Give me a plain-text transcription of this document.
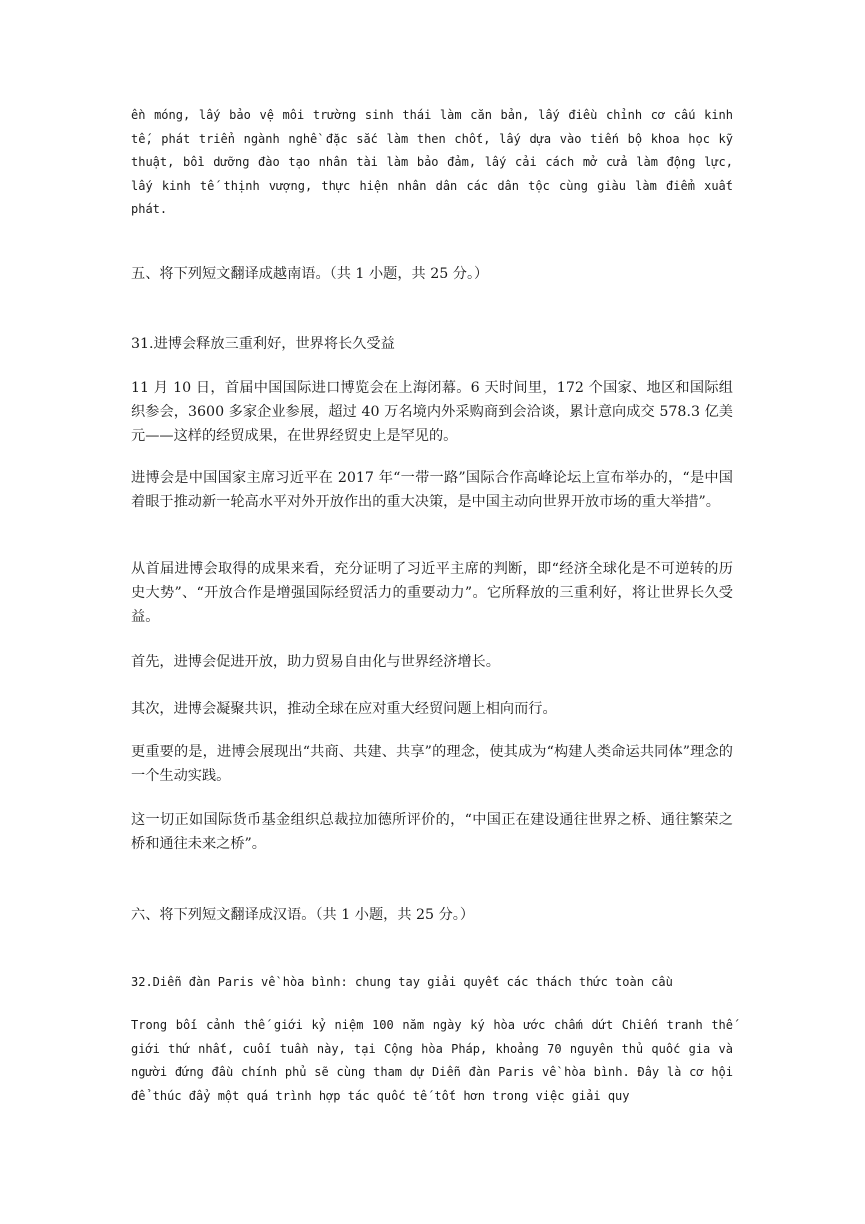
ền móng, lấy bảo vệ môi trường sinh thái làm căn bản, lấy điều chỉnh cơ cấu kinh tế, phát triển ngành nghề đặc sắc làm then chốt, lấy dựa vào tiến bộ khoa học kỹ thuật, bồi dưỡng đào tạo nhân tài làm bảo đảm, lấy cải cách mở cửa làm động lực, lấy kinh tế thịnh vượng, thực hiện nhân dân các dân tộc cùng giàu làm điểm xuất phát.

五、将下列短文翻译成越南语。（共 1 小题，共 25 分。）

31.进博会释放三重利好，世界将长久受益

11 月 10 日，首届中国国际进口博览会在上海闭幕。6 天时间里，172 个国家、地区和国际组织参会，3600 多家企业参展，超过 40 万名境内外采购商到会洽谈，累计意向成交 578.3 亿美元——这样的经贸成果，在世界经贸史上是罕见的。

进博会是中国国家主席习近平在 2017 年“一带一路”国际合作高峰论坛上宣布举办的，“是中国着眼于推动新一轮高水平对外开放作出的重大决策，是中国主动向世界开放市场的重大举措”。

从首届进博会取得的成果来看，充分证明了习近平主席的判断，即“经济全球化是不可逆转的历史大势”、“开放合作是增强国际经贸活力的重要动力”。它所释放的三重利好，将让世界长久受益。

首先，进博会促进开放，助力贸易自由化与世界经济增长。

其次，进博会凝聚共识，推动全球在应对重大经贸问题上相向而行。

更重要的是，进博会展现出“共商、共建、共享”的理念，使其成为“构建人类命运共同体”理念的一个生动实践。

这一切正如国际货币基金组织总裁拉加德所评价的，“中国正在建设通往世界之桥、通往繁荣之桥和通往未来之桥”。

六、将下列短文翻译成汉语。（共 1 小题，共 25 分。）

32.Diễn đàn Paris về hòa bình: chung tay giải quyết các thách thức toàn cầu

Trong bối cảnh thế giới kỷ niệm 100 năm ngày ký hòa ước chấm dứt Chiến tranh thế giới thứ nhất, cuối tuần này, tại Cộng hòa Pháp, khoảng 70 nguyên thủ quốc gia và người đứng đầu chính phủ sẽ cùng tham dự Diễn đàn Paris về hòa bình. Đây là cơ hội để thúc đẩy một quá trình hợp tác quốc tế tốt hơn trong việc giải quy
